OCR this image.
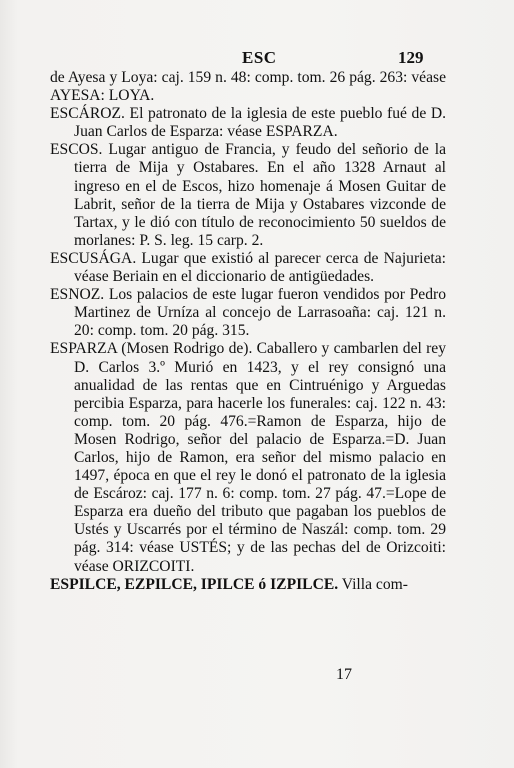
ESC	129

de Ayesa y Loya: caj. 159 n. 48: comp. tom. 26 pág. 263: véase AYESA: LOYA.

ESCÁROZ. El patronato de la iglesia de este pueblo fué de D. Juan Carlos de Esparza: véase ESPARZA.

ESCOS. Lugar antiguo de Francia, y feudo del señorio de la tierra de Mija y Ostabares. En el año 1328 Arnaut al ingreso en el de Escos, hizo homenaje á Mosen Guitar de Labrit, señor de la tierra de Mija y Ostabares vizconde de Tartax, y le dió con título de reconocimiento 50 sueldos de morlanes: P. S. leg. 15 carp. 2.

ESCUSÁGA. Lugar que existió al parecer cerca de Najurieta: véase Beriain en el diccionario de antigüedades.

ESNOZ. Los palacios de este lugar fueron vendidos por Pedro Martinez de Urníza al concejo de Larrasoaña: caj. 121 n. 20: comp. tom. 20 pág. 315.

ESPARZA (Mosen Rodrigo de). Caballero y cambarlen del rey D. Carlos 3.º Murió en 1423, y el rey consignó una anualidad de las rentas que en Cintruénigo y Arguedas percibia Esparza, para hacerle los funerales: caj. 122 n. 43: comp. tom. 20 pág. 476.=Ramon de Esparza, hijo de Mosen Rodrigo, señor del palacio de Esparza.=D. Juan Carlos, hijo de Ramon, era señor del mismo palacio en 1497, época en que el rey le donó el patronato de la iglesia de Escároz: caj. 177 n. 6: comp. tom. 27 pág. 47.=Lope de Esparza era dueño del tributo que pagaban los pueblos de Ustés y Uscarrés por el término de Naszál: comp. tom. 29 pág. 314: véase USTÉS; y de las pechas del de Orizcoiti: véase ORIZCOITI.

ESPILCE, EZPILCE, IPILCE ó IZPILCE. Villa com-

17
